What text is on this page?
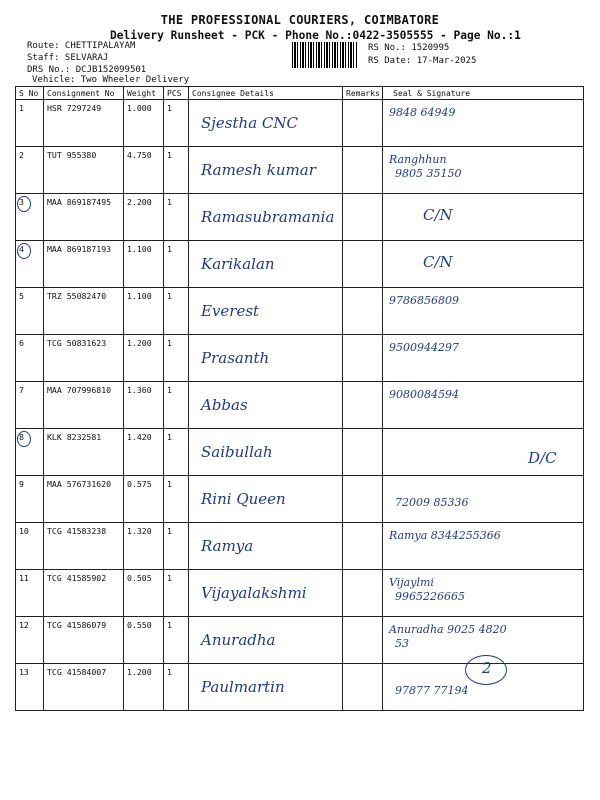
THE PROFESSIONAL COURIERS, COIMBATORE
Delivery Runsheet - PCK - Phone No.:0422-3505555 - Page No.:1
Route: CHETTIPALAYAM
Staff: SELVARAJ
DRS No.: DCJB152099501
Vehicle: Two Wheeler Delivery
RS No.: 1520995
RS Date: 17-Mar-2025
S No	Consignment No	Weight	PCS	Consignee Details	Remarks	Seal & Signature
1	HSR 7297249	1.000	1	Sjestha CNC		9848 64949

2	TUT 955380	4.750	1	Ramesh kumar		Ranghhun
9805 35150

3	MAA 869187495	2.200	1	Ramasubramania		C/N

4	MAA 869187193	1.100	1	Karikalan		C/N

5	TRZ 55082470	1.100	1	Everest		9786856809

6	TCG 50831623	1.200	1	Prasanth		9500944297

7	MAA 707996810	1.360	1	Abbas		9080084594

8	KLK 8232581	1.420	1	Saibullah		D/C

9	MAA 576731620	0.575	1	Rini Queen		72009 85336

10	TCG 41583238	1.320	1	Ramya		Ramya 8344255366

11	TCG 41585902	0.505	1	Vijayalakshmi		Vijaylmi
9965226665

12	TCG 41586079	0.550	1	Anuradha		Anuradha 9025 4820
53

13	TCG 41584007	1.200	1	Paulmartin		97877 77194
2
